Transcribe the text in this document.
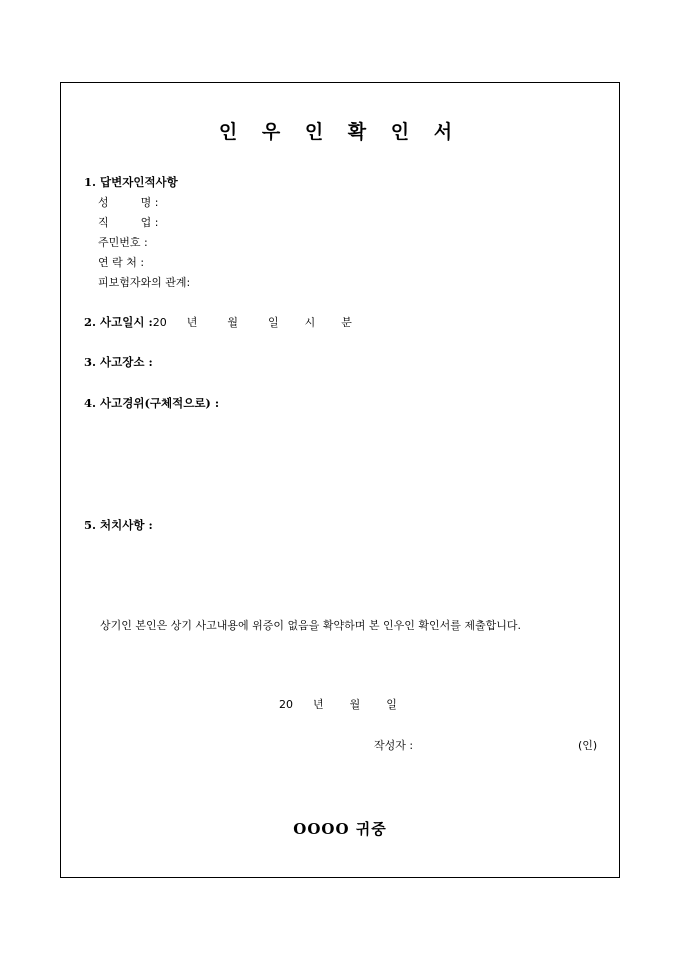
인 우 인 확 인 서
1. 답변자인적사항
성	명 :
직	업 :
주민번호 :
연 락 처 :
피보험자와의 관계:
2. 사고일시 :20 년	월	일 시 분
3. 사고장소 :
4. 사고경위(구체적으로) :
5. 처치사항 :
상기인 본인은 상기 사고내용에 위증이 없음을 확약하며 본 인우인 확인서를 제출합니다.
20 년 월 일
작성자 :	(인)
OOOO 귀중
